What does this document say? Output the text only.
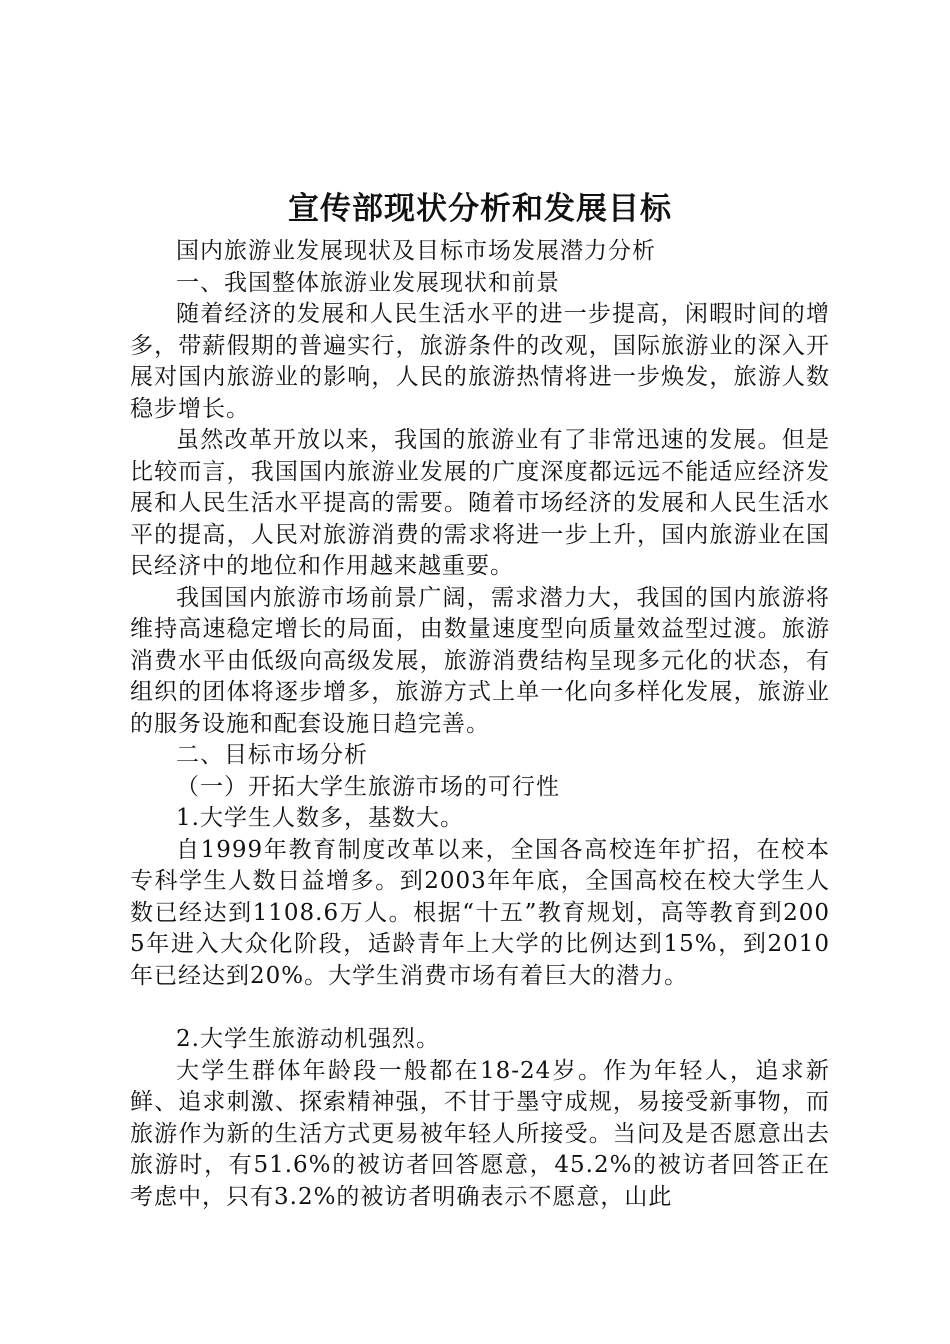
宣传部现状分析和发展目标

国内旅游业发展现状及目标市场发展潜力分析

一、我国整体旅游业发展现状和前景

随着经济的发展和人民生活水平的进一步提高，闲暇时间的增多，带薪假期的普遍实行，旅游条件的改观，国际旅游业的深入开展对国内旅游业的影响，人民的旅游热情将进一步焕发，旅游人数稳步增长。

虽然改革开放以来，我国的旅游业有了非常迅速的发展。但是比较而言，我国国内旅游业发展的广度深度都远远不能适应经济发展和人民生活水平提高的需要。随着市场经济的发展和人民生活水平的提高，人民对旅游消费的需求将进一步上升，国内旅游业在国民经济中的地位和作用越来越重要。

我国国内旅游市场前景广阔，需求潜力大，我国的国内旅游将维持高速稳定增长的局面，由数量速度型向质量效益型过渡。旅游消费水平由低级向高级发展，旅游消费结构呈现多元化的状态，有组织的团体将逐步增多，旅游方式上单一化向多样化发展，旅游业的服务设施和配套设施日趋完善。

二、目标市场分析

（一）开拓大学生旅游市场的可行性

1.大学生人数多，基数大。

自1999年教育制度改革以来，全国各高校连年扩招，在校本专科学生人数日益增多。到2003年年底，全国高校在校大学生人数已经达到1108.6万人。根据“十五”教育规划，高等教育到2005年进入大众化阶段，适龄青年上大学的比例达到15%，到2010年已经达到20%。大学生消费市场有着巨大的潜力。

2.大学生旅游动机强烈。

大学生群体年龄段一般都在18-24岁。作为年轻人，追求新鲜、追求刺激、探索精神强，不甘于墨守成规，易接受新事物，而旅游作为新的生活方式更易被年轻人所接受。当问及是否愿意出去旅游时，有51.6%的被访者回答愿意，45.2%的被访者回答正在考虑中，只有3.2%的被访者明确表示不愿意，山此
